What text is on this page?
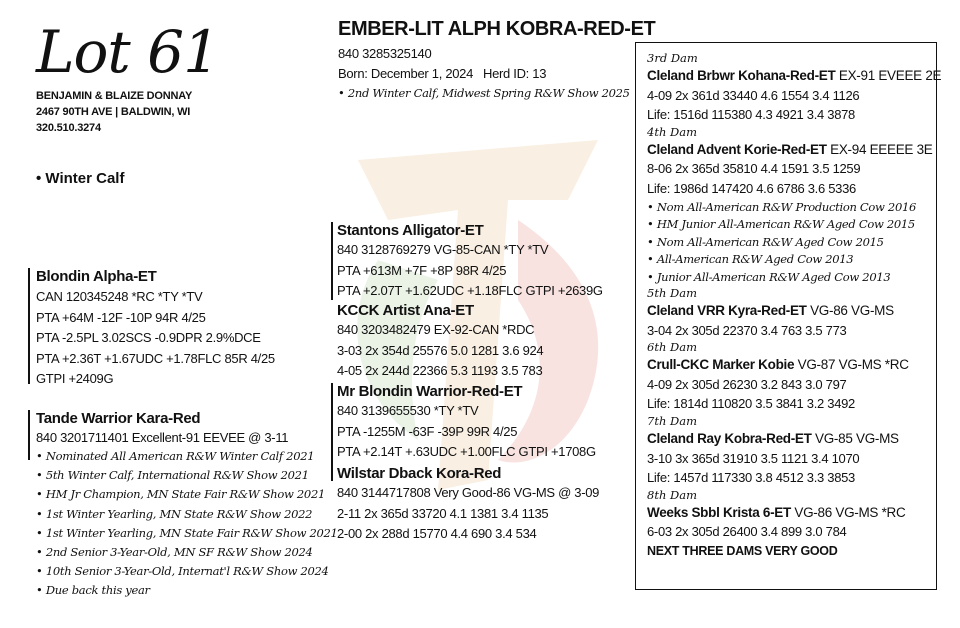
Lot 61
BENJAMIN & BLAIZE DONNAY
2467 90TH AVE | BALDWIN, WI
320.510.3274
• Winter Calf
EMBER-LIT ALPH KOBRA-RED-ET
840 3285325140
Born: December 1, 2024 Herd ID: 13
• 2nd Winter Calf, Midwest Spring R&W Show 2025
Blondin Alpha-ET
CAN 120345248 *RC *TY *TV
PTA +64M -12F -10P 94R 4/25
PTA -2.5PL 3.02SCS -0.9DPR 2.9%DCE
PTA +2.36T +1.67UDC +1.78FLC 85R 4/25
GTPI +2409G
Tande Warrior Kara-Red
840 3201711401 Excellent-91 EEVEE @ 3-11
• Nominated All American R&W Winter Calf 2021
• 5th Winter Calf, International R&W Show 2021
• HM Jr Champion, MN State Fair R&W Show 2021
• 1st Winter Yearling, MN State R&W Show 2022
• 1st Winter Yearling, MN State Fair R&W Show 2021
• 2nd Senior 3-Year-Old, MN SF R&W Show 2024
• 10th Senior 3-Year-Old, Internat'l R&W Show 2024
• Due back this year
Stantons Alligator-ET
840 3128769279 VG-85-CAN *TY *TV
PTA +613M +7F +8P 98R 4/25
PTA +2.07T +1.62UDC +1.18FLC GTPI +2639G
KCCK Artist Ana-ET
840 3203482479 EX-92-CAN *RDC
3-03 2x 354d 25576 5.0 1281 3.6 924
4-05 2x 244d 22366 5.3 1193 3.5 783
Mr Blondin Warrior-Red-ET
840 3139655530 *TY *TV
PTA -1255M -63F -39P 99R 4/25
PTA +2.14T +.63UDC +1.00FLC GTPI +1708G
Wilstar Dback Kora-Red
840 3144717808 Very Good-86 VG-MS @ 3-09
2-11 2x 365d 33720 4.1 1381 3.4 1135
2-00 2x 288d 15770 4.4 690 3.4 534
3rd Dam
Cleland Brbwr Kohana-Red-ET EX-91 EVEEE 2E
4-09 2x 361d 33440 4.6 1554 3.4 1126
Life: 1516d 115380 4.3 4921 3.4 3878
4th Dam
Cleland Advent Korie-Red-ET EX-94 EEEEE 3E
8-06 2x 365d 35810 4.4 1591 3.5 1259
Life: 1986d 147420 4.6 6786 3.6 5336
• Nom All-American R&W Production Cow 2016
• HM Junior All-American R&W Aged Cow 2015
• Nom All-American R&W Aged Cow 2015
• All-American R&W Aged Cow 2013
• Junior All-American R&W Aged Cow 2013
5th Dam
Cleland VRR Kyra-Red-ET VG-86 VG-MS
3-04 2x 305d 22370 3.4 763 3.5 773
6th Dam
Crull-CKC Marker Kobie VG-87 VG-MS *RC
4-09 2x 305d 26230 3.2 843 3.0 797
Life: 1814d 110820 3.5 3841 3.2 3492
7th Dam
Cleland Ray Kobra-Red-ET VG-85 VG-MS
3-10 3x 365d 31910 3.5 1121 3.4 1070
Life: 1457d 117330 3.8 4512 3.3 3853
8th Dam
Weeks Sbbl Krista 6-ET VG-86 VG-MS *RC
6-03 2x 305d 26400 3.4 899 3.0 784
NEXT THREE DAMS VERY GOOD
